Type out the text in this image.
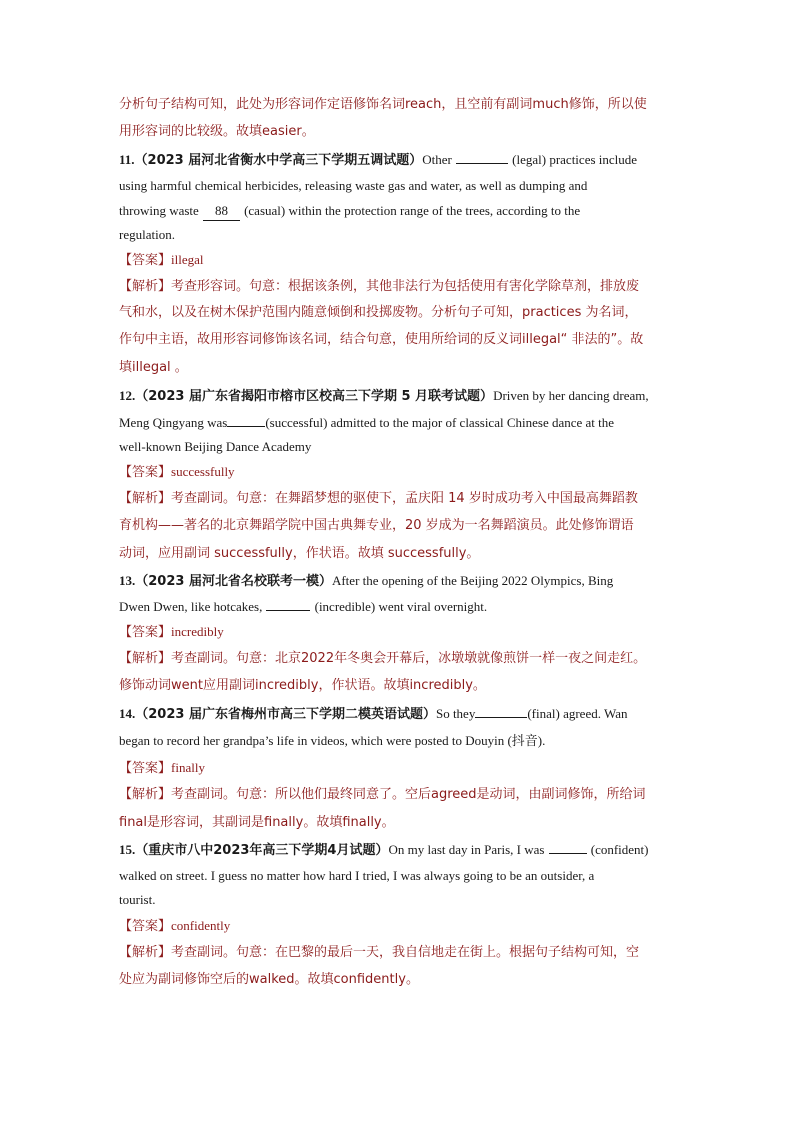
分析句子结构可知，此处为形容词作定语修饰名词reach，且空前有副词much修饰，所以使
用形容词的比较级。故填easier。
11.（2023 届河北省衡水中学高三下学期五调试题）Other	(legal) practices include
using harmful chemical herbicides, releasing waste gas and water, as well as dumping and
throwing waste 88 (casual) within the protection range of the trees, according to the
regulation.
【答案】illegal
【解析】考查形容词。句意：根据该条例，其他非法行为包括使用有害化学除草剂，排放废
气和水，以及在树木保护范围内随意倾倒和投掷废物。分析句子可知，practices 为名词，
作句中主语，故用形容词修饰该名词，结合句意，使用所给词的反义词illegal“ 非法的”。故
填illegal 。
12.（2023 届广东省揭阳市榕市区校高三下学期 5 月联考试题）Driven by her dancing dream,
Meng Qingyang was	(successful) admitted to the major of classical Chinese dance at the
well-known Beijing Dance Academy
【答案】successfully
【解析】考查副词。句意：在舞蹈梦想的驱使下，孟庆阳 14 岁时成功考入中国最高舞蹈教
育机构——著名的北京舞蹈学院中国古典舞专业，20 岁成为一名舞蹈演员。此处修饰谓语
动词，应用副词 successfully，作状语。故填 successfully。
13.（2023 届河北省名校联考一模）After the opening of the Beijing 2022 Olympics, Bing
Dwen Dwen, like hotcakes,	(incredible) went viral overnight.
【答案】incredibly
【解析】考查副词。句意：北京2022年冬奥会开幕后，冰墩墩就像煎饼一样一夜之间走红。
修饰动词went应用副词incredibly，作状语。故填incredibly。
14.（2023 届广东省梅州市高三下学期二模英语试题）So they	(final) agreed. Wan
began to record her grandpa’s life in videos, which were posted to Douyin (抖音).
【答案】finally
【解析】考查副词。句意：所以他们最终同意了。空后agreed是动词，由副词修饰，所给词
final是形容词，其副词是finally。故填finally。
15.（重庆市八中2023年高三下学期4月试题）On my last day in Paris, I was	(confident)
walked on street. I guess no matter how hard I tried, I was always going to be an outsider, a
tourist.
【答案】confidently
【解析】考查副词。句意：在巴黎的最后一天，我自信地走在街上。根据句子结构可知，空
处应为副词修饰空后的walked。故填confidently。
